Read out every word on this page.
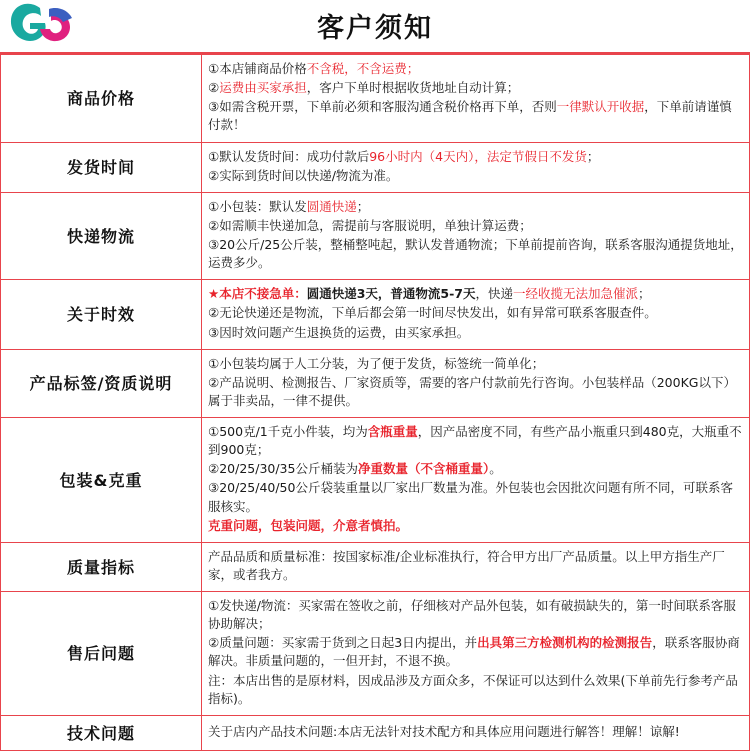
客户须知
商品价格	①本店铺商品价格不含税，不含运费；

②运费由买家承担，客户下单时根据收货地址自动计算；

③如需含税开票，下单前必须和客服沟通含税价格再下单，否则一律默认开收据，下单前请谨慎付款！

发货时间	①默认发货时间：成功付款后96小时内（4天内），法定节假日不发货；

②实际到货时间以快递/物流为准。

快递物流	①小包装：默认发圆通快递；

②如需顺丰快递加急，需提前与客服说明，单独计算运费；

③20公斤/25公斤装，整桶整吨起，默认发普通物流；下单前提前咨询，联系客服沟通提货地址，运费多少。

关于时效	★本店不接急单：圆通快递3天，普通物流5-7天，快递一经收揽无法加急催派；

②无论快递还是物流，下单后都会第一时间尽快发出，如有异常可联系客服查件。

③因时效问题产生退换货的运费，由买家承担。

产品标签/资质说明	①小包装均属于人工分装，为了便于发货，标签统一简单化；

②产品说明、检测报告、厂家资质等，需要的客户付款前先行咨询。小包装样品（200KG以下）属于非卖品，一律不提供。

包装&克重	①500克/1千克小件装，均为含瓶重量，因产品密度不同，有些产品小瓶重只到480克，大瓶重不到900克；

②20/25/30/35公斤桶装为净重数量（不含桶重量）。

③20/25/40/50公斤袋装重量以厂家出厂数量为准。外包装也会因批次问题有所不同，可联系客服核实。

克重问题，包装问题，介意者慎拍。

质量指标	产品品质和质量标准：按国家标准/企业标准执行，符合甲方出厂产品质量。以上甲方指生产厂家，或者我方。

售后问题	①发快递/物流：买家需在签收之前，仔细核对产品外包装，如有破损缺失的，第一时间联系客服协助解决；

②质量问题：买家需于货到之日起3日内提出，并出具第三方检测机构的检测报告，联系客服协商解决。非质量问题的，一但开封，不退不换。

注：本店出售的是原材料，因成品涉及方面众多，不保证可以达到什么效果(下单前先行参考产品指标)。

技术问题	关于店内产品技术问题:本店无法针对技术配方和具体应用问题进行解答！理解！谅解!
